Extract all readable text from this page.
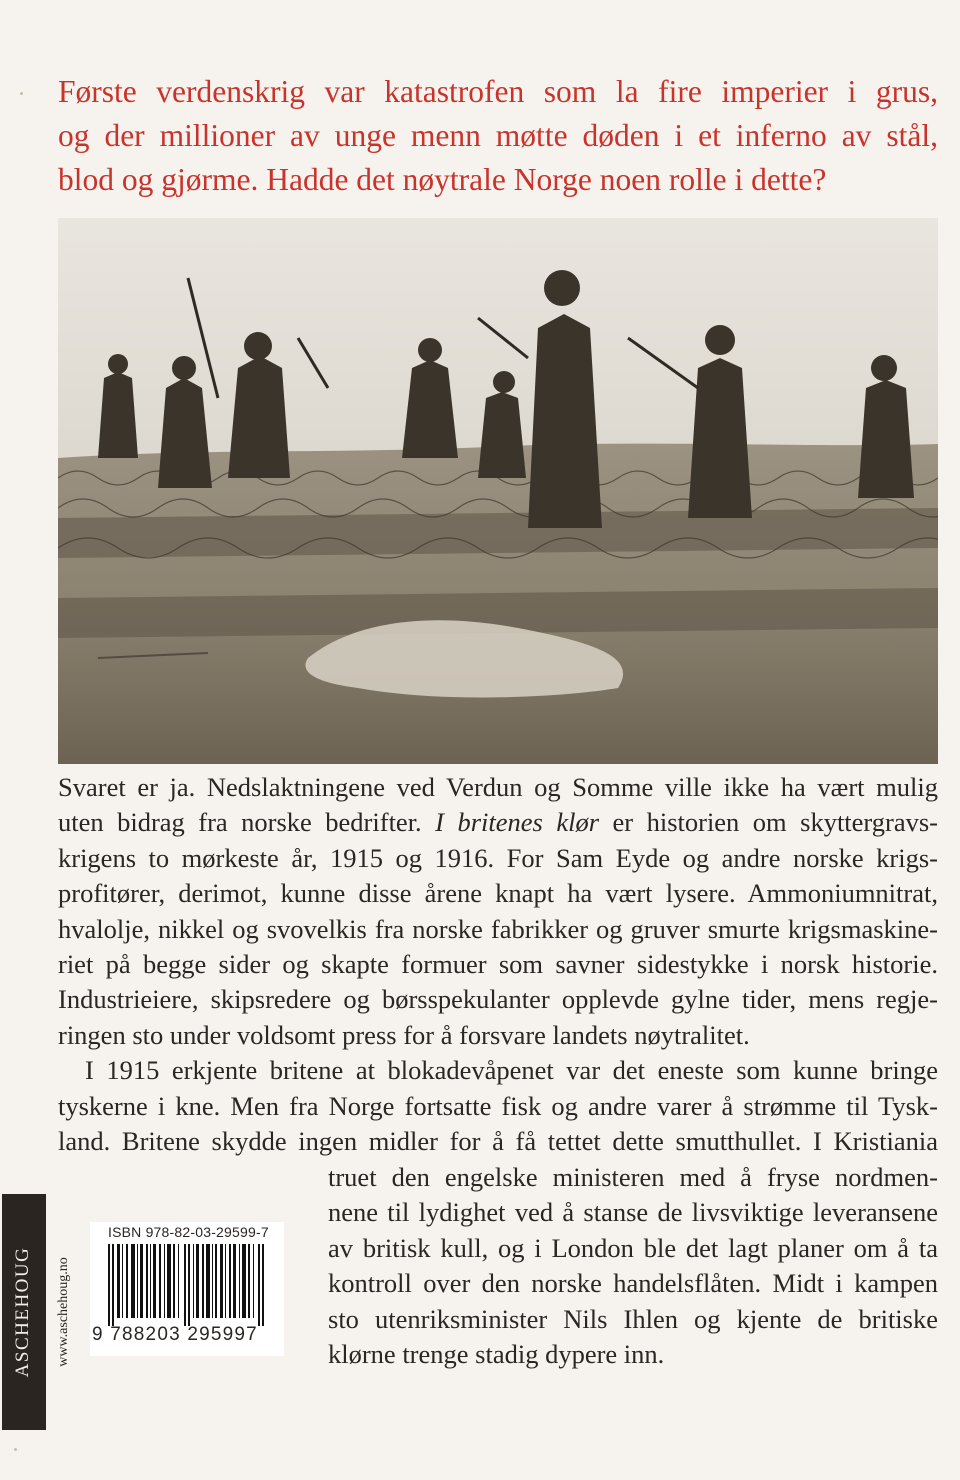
Første verdenskrig var katastrofen som la fire imperier i grus,
og der millioner av unge menn møtte døden i et inferno av stål,
blod og gjørme. Hadde det nøytrale Norge noen rolle i dette?

Svaret er ja. Nedslaktningene ved Verdun og Somme ville ikke ha vært mulig
uten bidrag fra norske bedrifter. I britenes klør er historien om skyttergravs-
krigens to mørkeste år, 1915 og 1916. For Sam Eyde og andre norske krigs-
profitører, derimot, kunne disse årene knapt ha vært lysere. Ammoniumnitrat,
hvalolje, nikkel og svovelkis fra norske fabrikker og gruver smurte krigsmaskine-
riet på begge sider og skapte formuer som savner sidestykke i norsk historie.
Industrieiere, skipsredere og børsspekulanter opplevde gylne tider, mens regje-
ringen sto under voldsomt press for å forsvare landets nøytralitet.
I 1915 erkjente britene at blokadevåpenet var det eneste som kunne bringe
tyskerne i kne. Men fra Norge fortsatte fisk og andre varer å strømme til Tysk-
land. Britene skydde ingen midler for å få tettet dette smutthullet. I Kristiania
truet den engelske ministeren med å fryse nordmen-
nene til lydighet ved å stanse de livsviktige leveransene
av britisk kull, og i London ble det lagt planer om å ta
kontroll over den norske handelsflåten. Midt i kampen
sto utenriksminister Nils Ihlen og kjente de britiske
klørne trenge stadig dypere inn.
ASCHEHOUG www.aschehoug.no
ISBN 978-82-03-29599-7
9 788203 295997
